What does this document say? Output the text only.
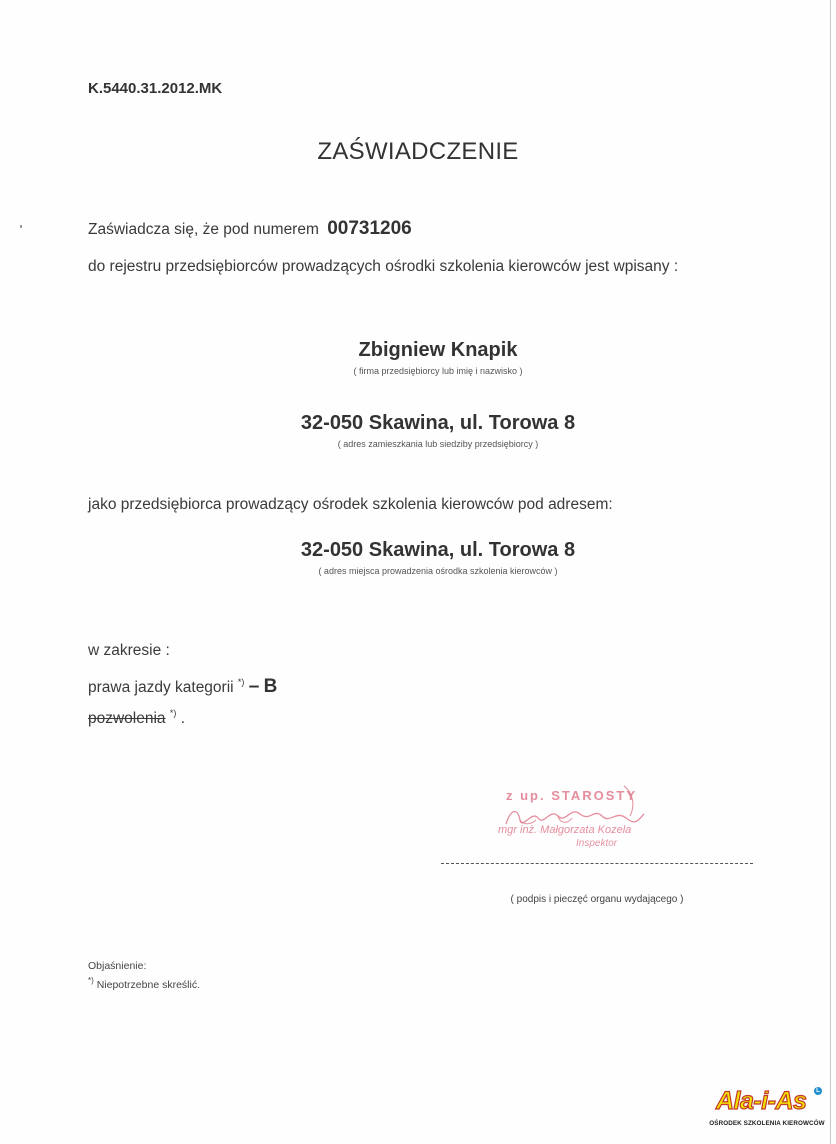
K.5440.31.2012.MK
ZAŚWIADCZENIE
Zaświadcza się, że pod numerem 00731206
do rejestru przedsiębiorców prowadzących ośrodki szkolenia kierowców jest wpisany :
Zbigniew Knapik
( firma przedsiębiorcy lub imię i nazwisko )
32-050 Skawina, ul. Torowa 8
( adres zamieszkania lub siedziby przedsiębiorcy )
jako przedsiębiorca prowadzący ośrodek szkolenia kierowców pod adresem:
32-050 Skawina, ul. Torowa 8
( adres miejsca prowadzenia ośrodka szkolenia kierowców )
w zakresie :
prawa jazdy kategorii *) – B
pozwolenia *) .
z up. STAROSTY
mgr inż. Małgorzata Kozela
Inspektor
( podpis i pieczęć organu wydającego )
Objaśnienie:
*) Niepotrzebne skreślić.
Ala-i-As	L
OŚRODEK SZKOLENIA KIEROWCÓW
